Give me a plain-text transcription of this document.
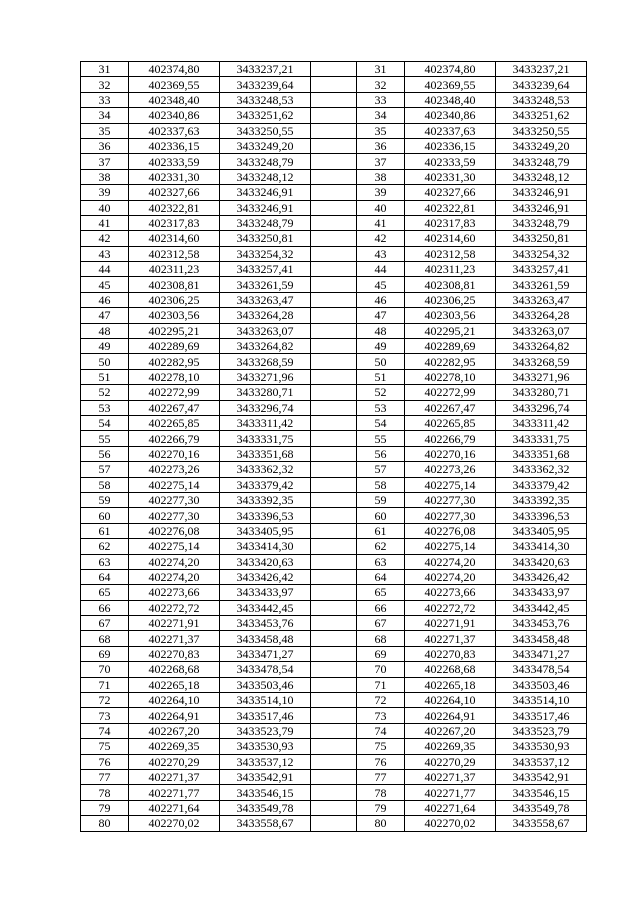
31	402374,80	3433237,21		31	402374,80	3433237,21
32	402369,55	3433239,64		32	402369,55	3433239,64
33	402348,40	3433248,53		33	402348,40	3433248,53
34	402340,86	3433251,62		34	402340,86	3433251,62
35	402337,63	3433250,55		35	402337,63	3433250,55
36	402336,15	3433249,20		36	402336,15	3433249,20
37	402333,59	3433248,79		37	402333,59	3433248,79
38	402331,30	3433248,12		38	402331,30	3433248,12
39	402327,66	3433246,91		39	402327,66	3433246,91
40	402322,81	3433246,91		40	402322,81	3433246,91
41	402317,83	3433248,79		41	402317,83	3433248,79
42	402314,60	3433250,81		42	402314,60	3433250,81
43	402312,58	3433254,32		43	402312,58	3433254,32
44	402311,23	3433257,41		44	402311,23	3433257,41
45	402308,81	3433261,59		45	402308,81	3433261,59
46	402306,25	3433263,47		46	402306,25	3433263,47
47	402303,56	3433264,28		47	402303,56	3433264,28
48	402295,21	3433263,07		48	402295,21	3433263,07
49	402289,69	3433264,82		49	402289,69	3433264,82
50	402282,95	3433268,59		50	402282,95	3433268,59
51	402278,10	3433271,96		51	402278,10	3433271,96
52	402272,99	3433280,71		52	402272,99	3433280,71
53	402267,47	3433296,74		53	402267,47	3433296,74
54	402265,85	3433311,42		54	402265,85	3433311,42
55	402266,79	3433331,75		55	402266,79	3433331,75
56	402270,16	3433351,68		56	402270,16	3433351,68
57	402273,26	3433362,32		57	402273,26	3433362,32
58	402275,14	3433379,42		58	402275,14	3433379,42
59	402277,30	3433392,35		59	402277,30	3433392,35
60	402277,30	3433396,53		60	402277,30	3433396,53
61	402276,08	3433405,95		61	402276,08	3433405,95
62	402275,14	3433414,30		62	402275,14	3433414,30
63	402274,20	3433420,63		63	402274,20	3433420,63
64	402274,20	3433426,42		64	402274,20	3433426,42
65	402273,66	3433433,97		65	402273,66	3433433,97
66	402272,72	3433442,45		66	402272,72	3433442,45
67	402271,91	3433453,76		67	402271,91	3433453,76
68	402271,37	3433458,48		68	402271,37	3433458,48
69	402270,83	3433471,27		69	402270,83	3433471,27
70	402268,68	3433478,54		70	402268,68	3433478,54
71	402265,18	3433503,46		71	402265,18	3433503,46
72	402264,10	3433514,10		72	402264,10	3433514,10
73	402264,91	3433517,46		73	402264,91	3433517,46
74	402267,20	3433523,79		74	402267,20	3433523,79
75	402269,35	3433530,93		75	402269,35	3433530,93
76	402270,29	3433537,12		76	402270,29	3433537,12
77	402271,37	3433542,91		77	402271,37	3433542,91
78	402271,77	3433546,15		78	402271,77	3433546,15
79	402271,64	3433549,78		79	402271,64	3433549,78
80	402270,02	3433558,67		80	402270,02	3433558,67
